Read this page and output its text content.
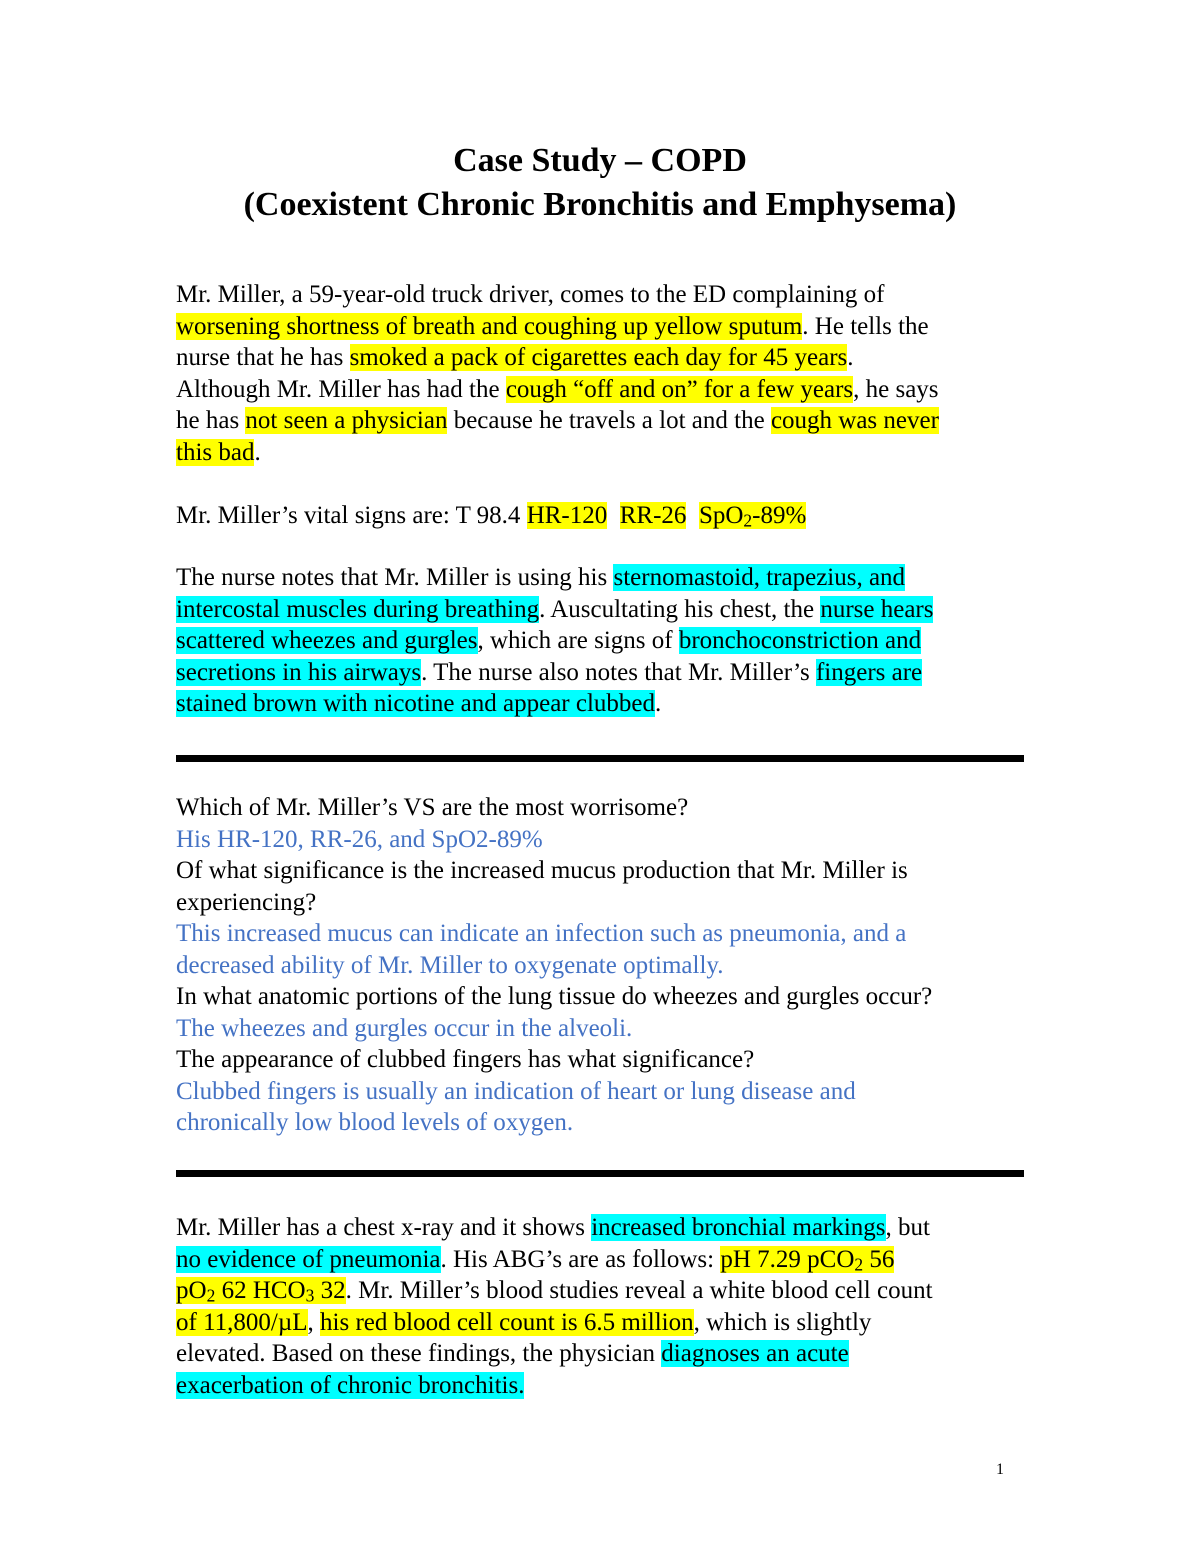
Case Study – COPD
(Coexistent Chronic Bronchitis and Emphysema)
Mr. Miller, a 59-year-old truck driver, comes to the ED complaining of
worsening shortness of breath and coughing up yellow sputum. He tells the
nurse that he has smoked a pack of cigarettes each day for 45 years.
Although Mr. Miller has had the cough “off and on” for a few years, he says
he has not seen a physician because he travels a lot and the cough was never
this bad.
Mr. Miller’s vital signs are: T 98.4 HR-120 RR-26 SpO$_2$-89%
The nurse notes that Mr. Miller is using his sternomastoid, trapezius, and
intercostal muscles during breathing. Auscultating his chest, the nurse hears
scattered wheezes and gurgles, which are signs of bronchoconstriction and
secretions in his airways. The nurse also notes that Mr. Miller’s fingers are
stained brown with nicotine and appear clubbed.
Which of Mr. Miller’s VS are the most worrisome?
His HR-120, RR-26, and SpO2-89%
Of what significance is the increased mucus production that Mr. Miller is
experiencing?
This increased mucus can indicate an infection such as pneumonia, and a
decreased ability of Mr. Miller to oxygenate optimally.
In what anatomic portions of the lung tissue do wheezes and gurgles occur?
The wheezes and gurgles occur in the alveoli.
The appearance of clubbed fingers has what significance?
Clubbed fingers is usually an indication of heart or lung disease and
chronically low blood levels of oxygen.
Mr. Miller has a chest x-ray and it shows increased bronchial markings, but
no evidence of pneumonia. His ABG’s are as follows: pH 7.29 pCO$_2$ 56
$pO_2$ 62 $HCO_3$ 32. Mr. Miller’s blood studies reveal a white blood cell count
of 11,800/µL, his red blood cell count is 6.5 million, which is slightly
elevated. Based on these findings, the physician diagnoses an acute
exacerbation of chronic bronchitis.
1
